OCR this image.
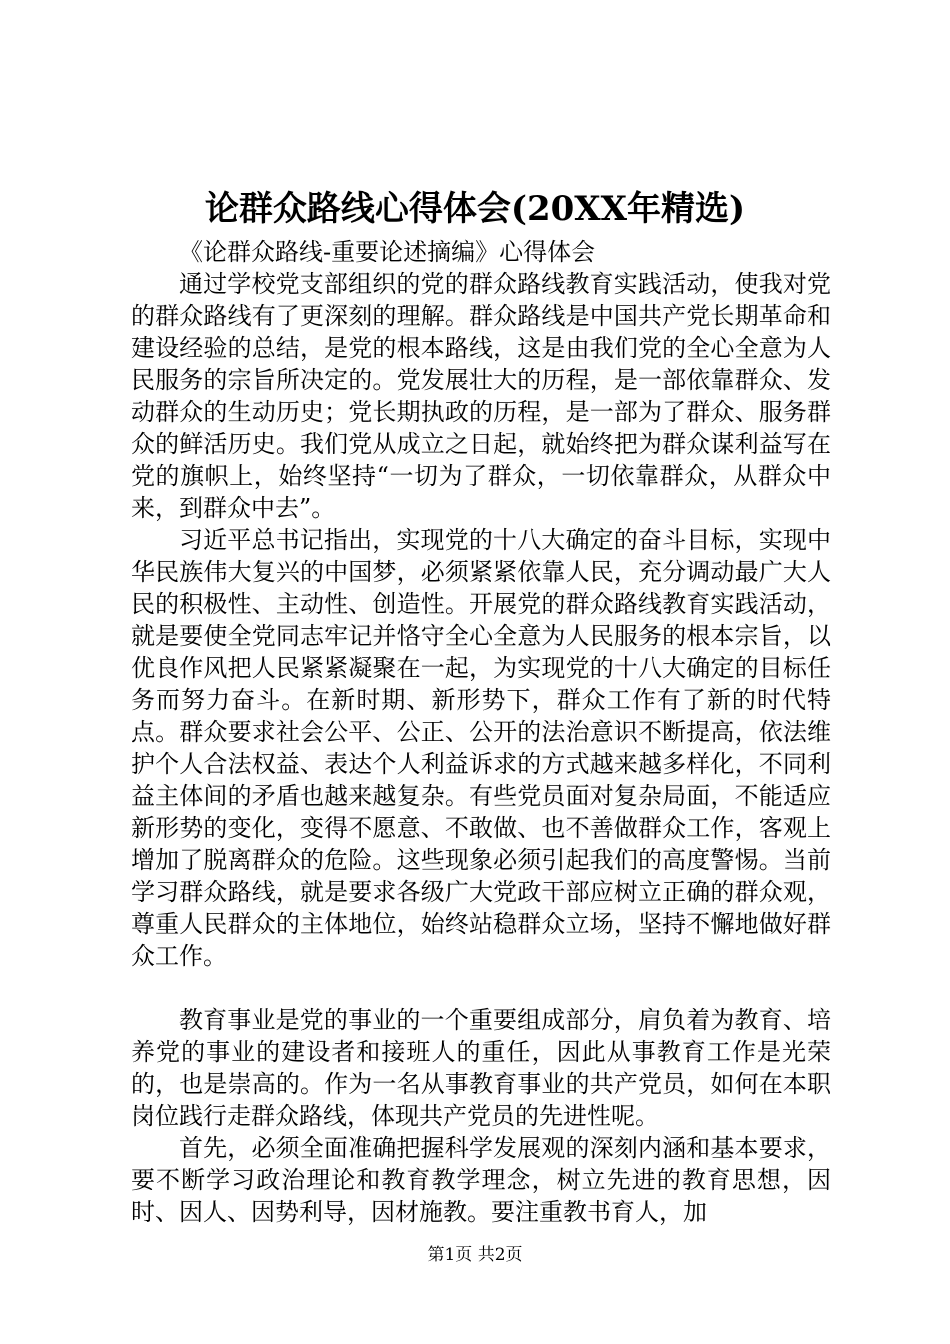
论群众路线心得体会(20XX年精选)

《论群众路线-重要论述摘编》心得体会

通过学校党支部组织的党的群众路线教育实践活动，使我对党的群众路线有了更深刻的理解。群众路线是中国共产党长期革命和建设经验的总结，是党的根本路线，这是由我们党的全心全意为人民服务的宗旨所决定的。党发展壮大的历程，是一部依靠群众、发动群众的生动历史；党长期执政的历程，是一部为了群众、服务群众的鲜活历史。我们党从成立之日起，就始终把为群众谋利益写在党的旗帜上，始终坚持“一切为了群众，一切依靠群众，从群众中来，到群众中去”。

习近平总书记指出，实现党的十八大确定的奋斗目标，实现中华民族伟大复兴的中国梦，必须紧紧依靠人民，充分调动最广大人民的积极性、主动性、创造性。开展党的群众路线教育实践活动，就是要使全党同志牢记并恪守全心全意为人民服务的根本宗旨，以优良作风把人民紧紧凝聚在一起，为实现党的十八大确定的目标任务而努力奋斗。在新时期、新形势下，群众工作有了新的时代特点。群众要求社会公平、公正、公开的法治意识不断提高，依法维护个人合法权益、表达个人利益诉求的方式越来越多样化，不同利益主体间的矛盾也越来越复杂。有些党员面对复杂局面，不能适应新形势的变化，变得不愿意、不敢做、也不善做群众工作，客观上增加了脱离群众的危险。这些现象必须引起我们的高度警惕。当前学习群众路线，就是要求各级广大党政干部应树立正确的群众观，尊重人民群众的主体地位，始终站稳群众立场，坚持不懈地做好群众工作。

教育事业是党的事业的一个重要组成部分，肩负着为教育、培养党的事业的建设者和接班人的重任，因此从事教育工作是光荣的，也是崇高的。作为一名从事教育事业的共产党员，如何在本职岗位践行走群众路线，体现共产党员的先进性呢。

首先，必须全面准确把握科学发展观的深刻内涵和基本要求，要不断学习政治理论和教育教学理念，树立先进的教育思想，因时、因人、因势利导，因材施教。要注重教书育人，加

第1页 共2页
